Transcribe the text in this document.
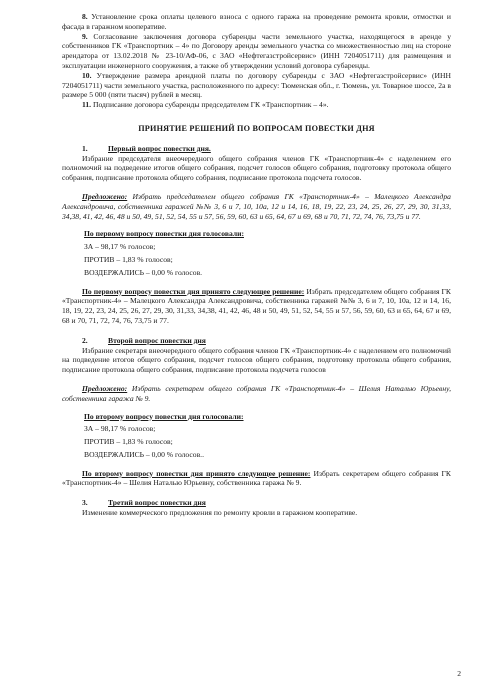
8. Установление срока оплаты целевого взноса с одного гаража на проведение ремонта кровли, отмостки и фасада в гаражном кооперативе.

9. Согласование заключения договора субаренды части земельного участка, находящегося в аренде у собственников ГК «Транспортник – 4» по Договору аренды земельного участка со множественностью лиц на стороне арендатора от 13.02.2018 № 23-10/АФ-06, с ЗАО «Нефтегазстройсервис» (ИНН 7204051711) для размещения и эксплуатации инженерного сооружения, а также об утверждении условий договора субаренды.

10. Утверждение размера арендной платы по договору субаренды с ЗАО «Нефтегазстройсервис» (ИНН 7204051711) части земельного участка, расположенного по адресу: Тюменская обл., г. Тюмень, ул. Товарное шоссе, 2а в размере 5 000 (пяти тысяч) рублей в месяц.

11. Подписание договора субаренды председателем ГК «Транспортник – 4».

ПРИНЯТИЕ РЕШЕНИЙ ПО ВОПРОСАМ ПОВЕСТКИ ДНЯ

1.	Первый вопрос повестки дня.

Избрание председателя внеочередного общего собрания членов ГК «Транспортник-4» с наделением его полномочий на подведение итогов общего собрания, подсчет голосов общего собрания, подготовку протокола общего собрания, подписание протокола общего собрания, подписание протокола подсчета голосов.

Предложено: Избрать председателем общего собрания ГК «Транспортник-4» – Малецкого Александра Александровича, собственника гаражей №№ 3, 6 и 7, 10, 10а, 12 и 14, 16, 18, 19, 22, 23, 24, 25, 26, 27, 29, 30, 31,33, 34,38, 41, 42, 46, 48 и 50, 49, 51, 52, 54, 55 и 57, 56, 59, 60, 63 и 65, 64, 67 и 69, 68 и 70, 71, 72, 74, 76, 73,75 и 77.

По первому вопросу повестки дня голосовали:

ЗА – 98,17 % голосов;

ПРОТИВ – 1,83 % голосов;

ВОЗДЕРЖАЛИСЬ – 0,00 % голосов.

По первому вопросу повестки дня принято следующее решение: Избрать председателем общего собрания ГК «Транспортник-4» – Малецкого Александра Александровича, собственника гаражей №№ 3, 6 и 7, 10, 10а, 12 и 14, 16, 18, 19, 22, 23, 24, 25, 26, 27, 29, 30, 31,33, 34,38, 41, 42, 46, 48 и 50, 49, 51, 52, 54, 55 и 57, 56, 59, 60, 63 и 65, 64, 67 и 69, 68 и 70, 71, 72, 74, 76, 73,75 и 77.

2.	Второй вопрос повестки дня

Избрание секретаря внеочередного общего собрания членов ГК «Транспортник-4» с наделением его полномочий на подведение итогов общего собрания, подсчет голосов общего собрания, подготовку протокола общего собрания, подписание протокола общего собрания, подписание протокола подсчета голосов

Предложено: Избрать секретарем общего собрания ГК «Транспортник-4» – Шелия Наталью Юрьевну, собственника гаража № 9.

По второму вопросу повестки дня голосовали:

ЗА – 98,17 % голосов;

ПРОТИВ – 1,83 % голосов;

ВОЗДЕРЖАЛИСЬ – 0,00 % голосов..

По второму вопросу повестки дня принято следующее решение: Избрать секретарем общего собрания ГК «Транспортник-4» – Шелия Наталью Юрьевну, собственника гаража № 9.

3.	Третий вопрос повестки дня

Изменение коммерческого предложения по ремонту кровли в гаражном кооперативе.

2
